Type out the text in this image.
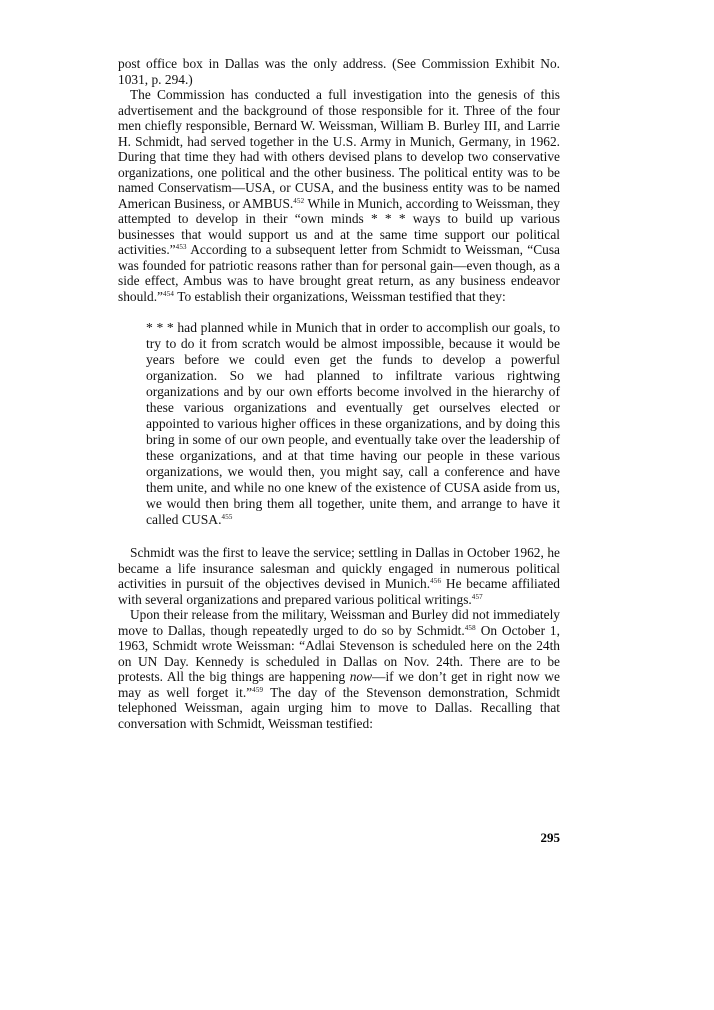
post office box in Dallas was the only address. (See Commission Exhibit No. 1031, p. 294.)

The Commission has conducted a full investigation into the genesis of this advertisement and the background of those responsible for it. Three of the four men chiefly responsible, Bernard W. Weissman, William B. Burley III, and Larrie H. Schmidt, had served together in the U.S. Army in Munich, Germany, in 1962. During that time they had with others devised plans to develop two conservative organizations, one political and the other business. The political entity was to be named Conservatism—USA, or CUSA, and the business entity was to be named American Business, or AMBUS.$^{452}$ While in Munich, according to Weissman, they attempted to develop in their “own minds * * * ways to build up various businesses that would support us and at the same time support our political activities.”$^{453}$ According to a subsequent letter from Schmidt to Weissman, “Cusa was founded for patriotic reasons rather than for personal gain—even though, as a side effect, Ambus was to have brought great return, as any business endeavor should.”$^{454}$ To establish their organizations, Weissman testified that they:

* * * had planned while in Munich that in order to accomplish our goals, to try to do it from scratch would be almost impossible, because it would be years before we could even get the funds to develop a powerful organization. So we had planned to infiltrate various rightwing organizations and by our own efforts become involved in the hierarchy of these various organizations and eventually get ourselves elected or appointed to various higher offices in these organizations, and by doing this bring in some of our own people, and eventually take over the leadership of these organizations, and at that time having our people in these various organizations, we would then, you might say, call a conference and have them unite, and while no one knew of the existence of CUSA aside from us, we would then bring them all together, unite them, and arrange to have it called CUSA.$^{455}$

Schmidt was the first to leave the service; settling in Dallas in October 1962, he became a life insurance salesman and quickly engaged in numerous political activities in pursuit of the objectives devised in Munich.$^{456}$ He became affiliated with several organizations and prepared various political writings.$^{457}$

Upon their release from the military, Weissman and Burley did not immediately move to Dallas, though repeatedly urged to do so by Schmidt.$^{458}$ On October 1, 1963, Schmidt wrote Weissman: “Adlai Stevenson is scheduled here on the 24th on UN Day. Kennedy is scheduled in Dallas on Nov. 24th. There are to be protests. All the big things are happening now—if we don’t get in right now we may as well forget it.”$^{459}$ The day of the Stevenson demonstration, Schmidt telephoned Weissman, again urging him to move to Dallas. Recalling that conversation with Schmidt, Weissman testified:

295
